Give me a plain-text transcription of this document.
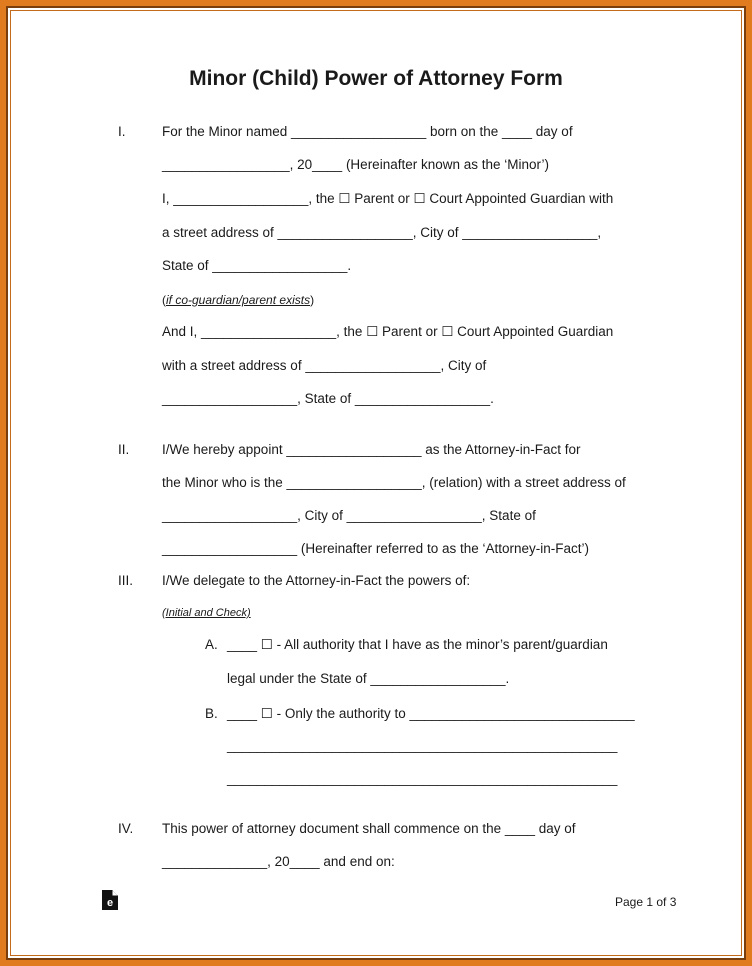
Minor (Child) Power of Attorney Form
I.	For the Minor named __________________ born on the ____ day of
_________________, 20____ (Hereinafter known as the ‘Minor’)
I, __________________, the ☐ Parent or ☐ Court Appointed Guardian with
a street address of __________________, City of __________________,
State of __________________.
(if co-guardian/parent exists)
And I, __________________, the ☐ Parent or ☐ Court Appointed Guardian
with a street address of __________________, City of
__________________, State of __________________.
II. I/We hereby appoint __________________ as the Attorney-in-Fact for
the Minor who is the __________________, (relation) with a street address of
__________________, City of __________________, State of
__________________ (Hereinafter referred to as the ‘Attorney-in-Fact’)
III. I/We delegate to the Attorney-in-Fact the powers of:
(Initial and Check)
A. ____ ☐ - All authority that I have as the minor’s parent/guardian
legal under the State of __________________.
B. ____ ☐ - Only the authority to ______________________________
____________________________________________________
____________________________________________________
IV. This power of attorney document shall commence on the ____ day of
______________, 20____ and end on:
e	Page 1 of 3
